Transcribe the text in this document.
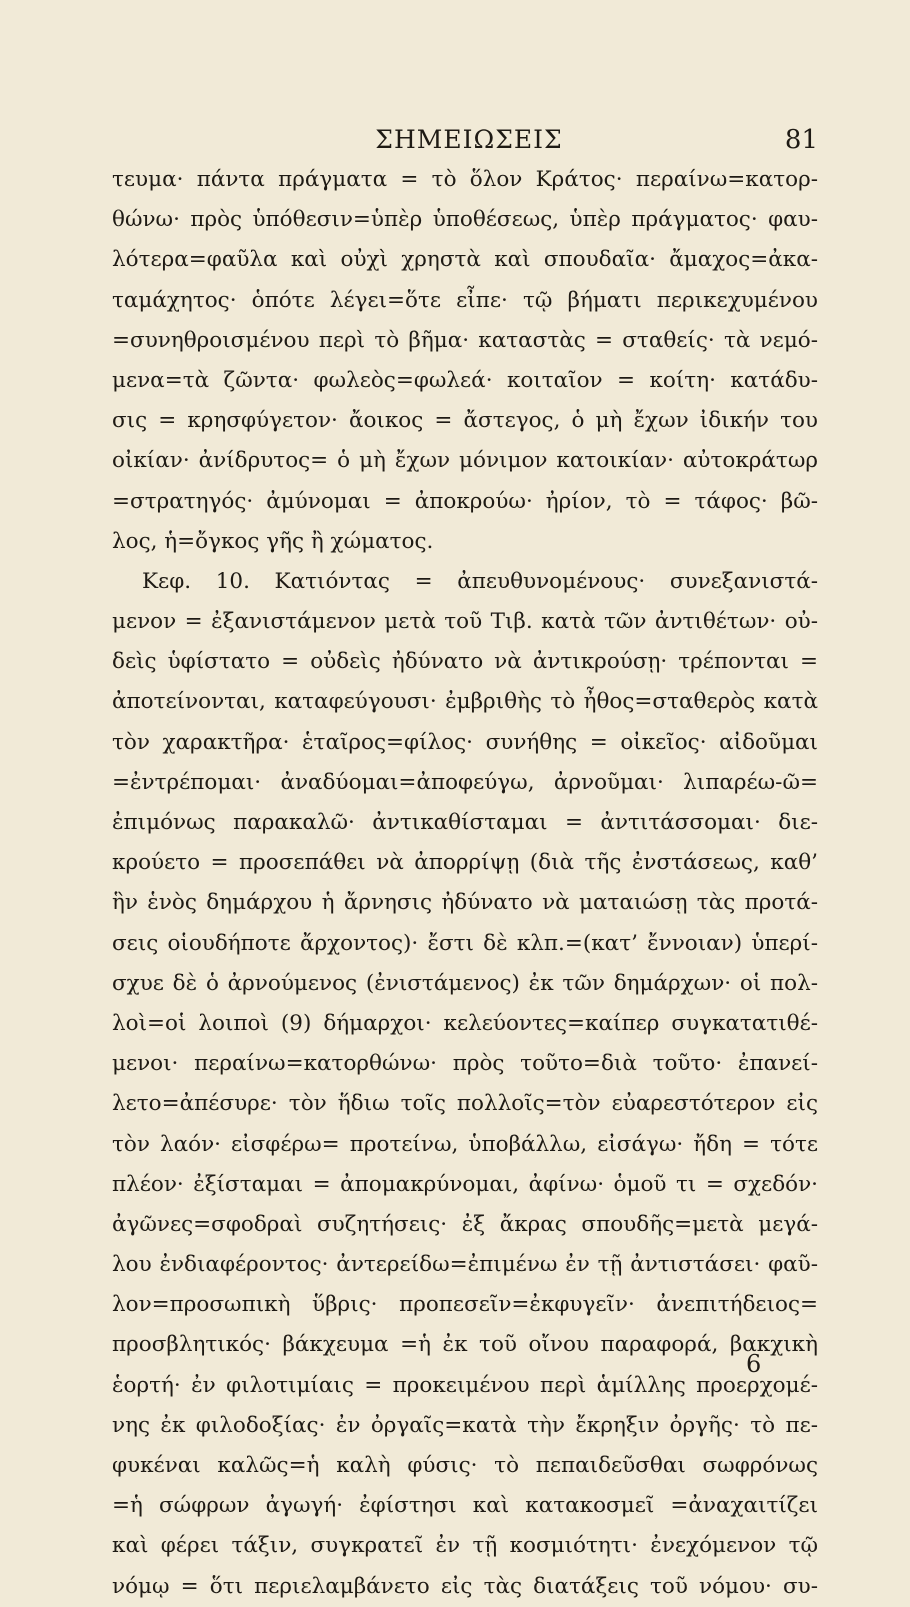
ΣΗΜΕΙΩΣΕΙΣ	81
τευμα· πάντα πράγματα = τὸ ὅλον Κράτος· περαίνω=κατορ-
θώνω· πρὸς ὑπόθεσιν=ὑπὲρ ὑποθέσεως, ὑπὲρ πράγματος· φαυ-
λότερα=φαῦλα καὶ οὐχὶ χρηστὰ καὶ σπουδαῖα· ἄμαχος=ἀκα-
ταμάχητος· ὁπότε λέγει=ὅτε εἶπε· τῷ βήματι περικεχυμένου
=συνηθροισμένου περὶ τὸ βῆμα· καταστὰς = σταθείς· τὰ νεμό-
μενα=τὰ ζῶντα· φωλεὸς=φωλεά· κοιταῖον = κοίτη· κατάδυ-
σις = κρησφύγετον· ἄοικος = ἄστεγος, ὁ μὴ ἔχων ἰδικήν του
οἰκίαν· ἀνίδρυτος= ὁ μὴ ἔχων μόνιμον κατοικίαν· αὐτοκράτωρ
=στρατηγός· ἀμύνομαι = ἀποκρούω· ἠρίον, τὸ = τάφος· βῶ-
λος, ἡ=ὄγκος γῆς ἢ χώματος.
Κεφ. 10. Κατιόντας = ἀπευθυνομένους· συνεξανιστά-
μενον = ἐξανιστάμενον μετὰ τοῦ Τιβ. κατὰ τῶν ἀντιθέτων· οὐ-
δεὶς ὑφίστατο = οὐδεὶς ἠδύνατο νὰ ἀντικρούσῃ· τρέπονται =
ἀποτείνονται, καταφεύγουσι· ἐμβριθὴς τὸ ἦθος=σταθερὸς κατὰ
τὸν χαρακτῆρα· ἑταῖρος=φίλος· συνήθης = οἰκεῖος· αἰδοῦμαι
=ἐντρέπομαι· ἀναδύομαι=ἀποφεύγω, ἀρνοῦμαι· λιπαρέω-ῶ=
ἐπιμόνως παρακαλῶ· ἀντικαθίσταμαι = ἀντιτάσσομαι· διε-
κρούετο = προσεπάθει νὰ ἀπορρίψῃ (διὰ τῆς ἐνστάσεως, καθ’
ἣν ἑνὸς δημάρχου ἡ ἄρνησις ἠδύνατο νὰ ματαιώσῃ τὰς προτά-
σεις οἱουδήποτε ἄρχοντος)· ἔστι δὲ κλπ.=(κατ’ ἔννοιαν) ὑπερί-
σχυε δὲ ὁ ἀρνούμενος (ἐνιστάμενος) ἐκ τῶν δημάρχων· οἱ πολ-
λοὶ=οἱ λοιποὶ (9) δήμαρχοι· κελεύοντες=καίπερ συγκατατιθέ-
μενοι· περαίνω=κατορθώνω· πρὸς τοῦτο=διὰ τοῦτο· ἐπανεί-
λετο=ἀπέσυρε· τὸν ἥδιω τοῖς πολλοῖς=τὸν εὐαρεστότερον εἰς
τὸν λαόν· εἰσφέρω= προτείνω, ὑποβάλλω, εἰσάγω· ἤδη = τότε
πλέον· ἐξίσταμαι = ἀπομακρύνομαι, ἀφίνω· ὁμοῦ τι = σχεδόν·
ἀγῶνες=σφοδραὶ συζητήσεις· ἐξ ἄκρας σπουδῆς=μετὰ μεγά-
λου ἐνδιαφέροντος· ἀντερείδω=ἐπιμένω ἐν τῇ ἀντιστάσει· φαῦ-
λον=προσωπικὴ ὕβρις· προπεσεῖν=ἐκφυγεῖν· ἀνεπιτήδειος=
προσβλητικός· βάκχευμα =ἡ ἐκ τοῦ οἴνου παραφορά, βακχικὴ
ἑορτή· ἐν φιλοτιμίαις = προκειμένου περὶ ἁμίλλης προερχομέ-
νης ἐκ φιλοδοξίας· ἐν ὀργαῖς=κατὰ τὴν ἔκρηξιν ὀργῆς· τὸ πε-
φυκέναι καλῶς=ἡ καλὴ φύσις· τὸ πεπαιδεῦσθαι σωφρόνως
=ἡ σώφρων ἀγωγή· ἐφίστησι καὶ κατακοσμεῖ =ἀναχαιτίζει
καὶ φέρει τάξιν, συγκρατεῖ ἐν τῇ κοσμιότητι· ἐνεχόμενον τῷ
νόμῳ = ὅτι περιελαμβάνετο εἰς τὰς διατάξεις τοῦ νόμου· συ-
6
